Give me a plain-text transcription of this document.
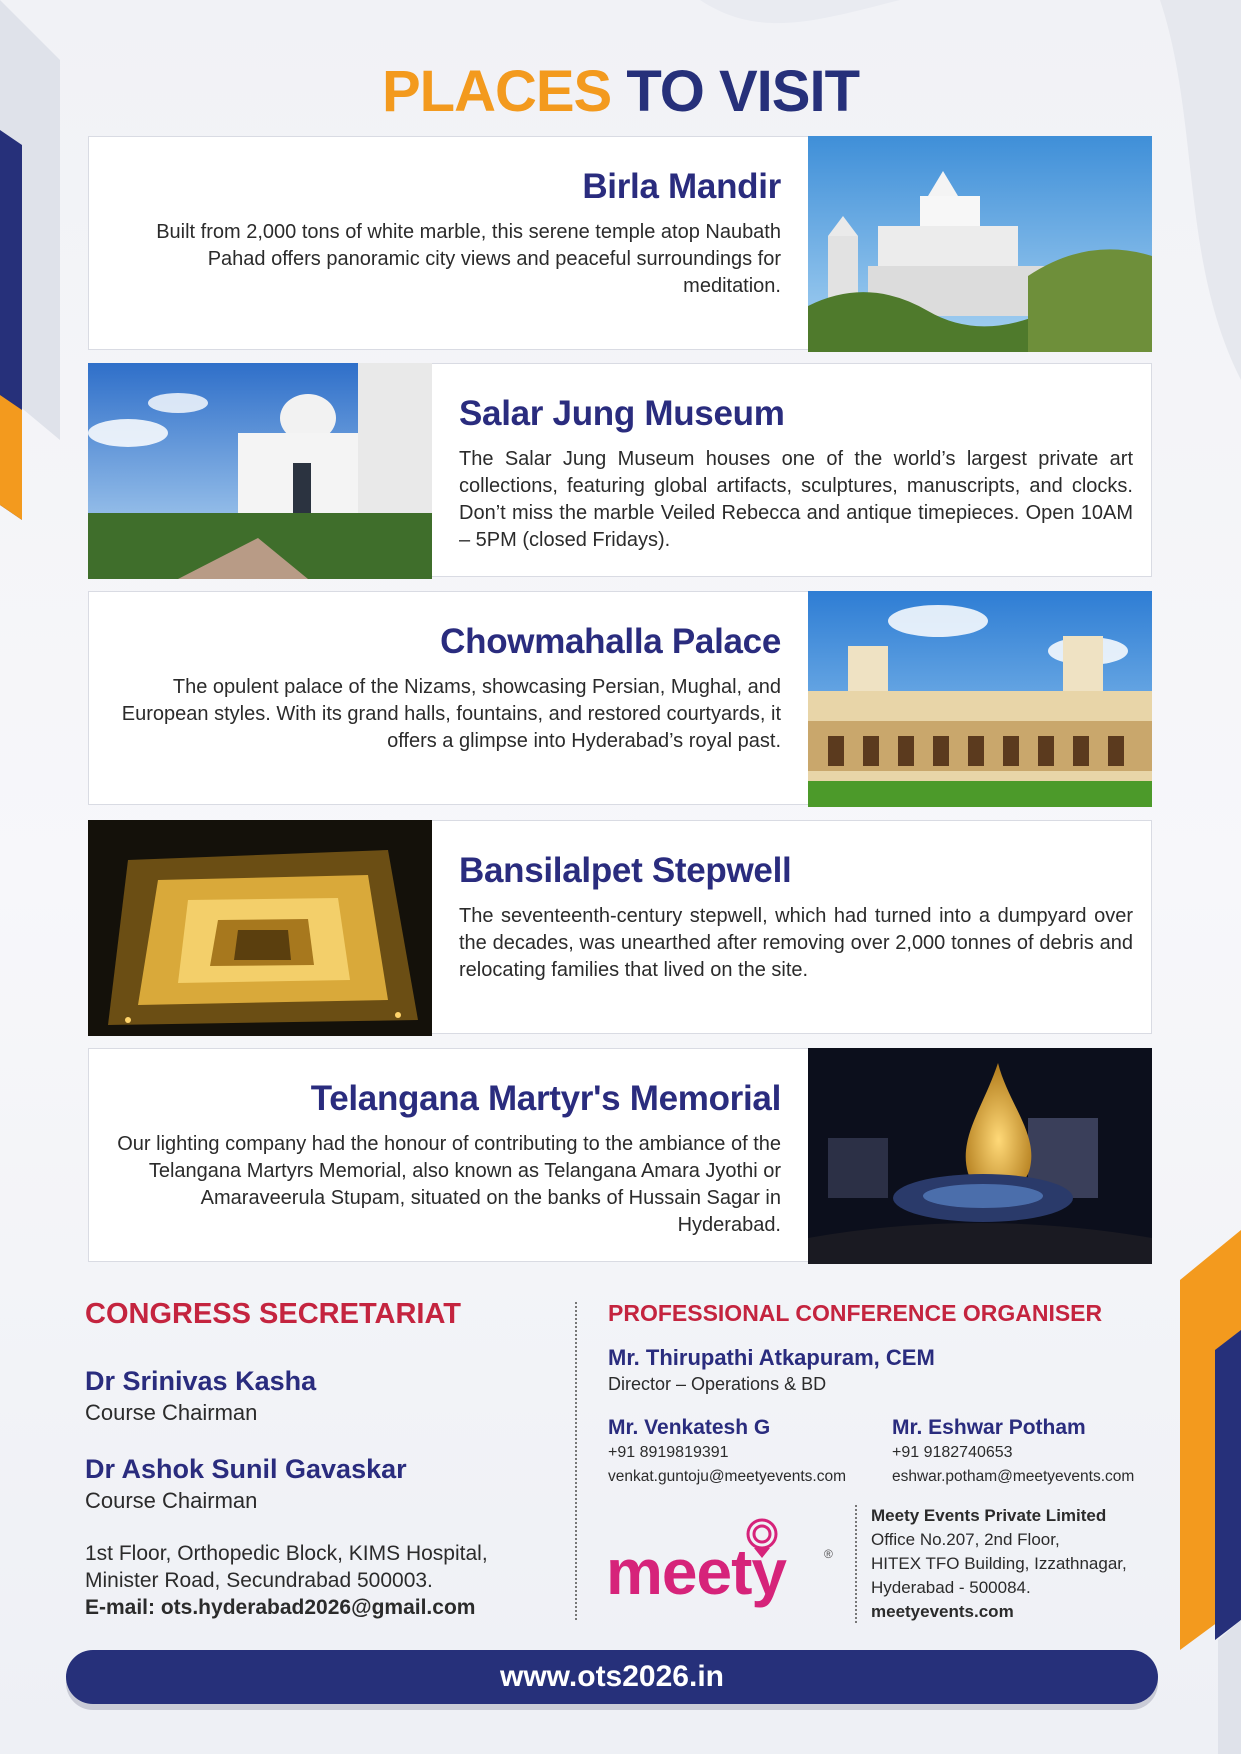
PLACES TO VISIT
Birla Mandir

Built from 2,000 tons of white marble, this serene temple atop Naubath Pahad offers panoramic city views and peaceful surroundings for meditation.

Salar Jung Museum

The Salar Jung Museum houses one of the world’s largest private art collections, featuring global artifacts, sculptures, manuscripts, and clocks. Don’t miss the marble Veiled Rebecca and antique timepieces. Open 10AM – 5PM (closed Fridays).

Chowmahalla Palace

The opulent palace of the Nizams, showcasing Persian, Mughal, and European styles. With its grand halls, fountains, and restored courtyards, it offers a glimpse into Hyderabad’s royal past.

Bansilalpet Stepwell

The seventeenth-century stepwell, which had turned into a dumpyard over the decades, was unearthed after removing over 2,000 tonnes of debris and relocating families that lived on the site.

Telangana Martyr's Memorial

Our lighting company had the honour of contributing to the ambiance of the Telangana Martyrs Memorial, also known as Telangana Amara Jyothi or Amaraveerula Stupam, situated on the banks of Hussain Sagar in Hyderabad.

CONGRESS SECRETARIAT

Dr Srinivas Kasha

Course Chairman

Dr Ashok Sunil Gavaskar

Course Chairman

1st Floor, Orthopedic Block, KIMS Hospital,

Minister Road, Secundrabad 500003.

E-mail: ots.hyderabad2026@gmail.com

PROFESSIONAL CONFERENCE ORGANISER

Mr. Thirupathi Atkapuram, CEM

Director – Operations & BD

Mr. Venkatesh G

+91 8919819391

venkat.guntoju@meetyevents.com

Mr. Eshwar Potham

+91 9182740653

eshwar.potham@meetyevents.com

meety	®

Meety Events Private Limited

Office No.207, 2nd Floor,

HITEX TFO Building, Izzathnagar,

Hyderabad - 500084.

meetyevents.com

www.ots2026.in
